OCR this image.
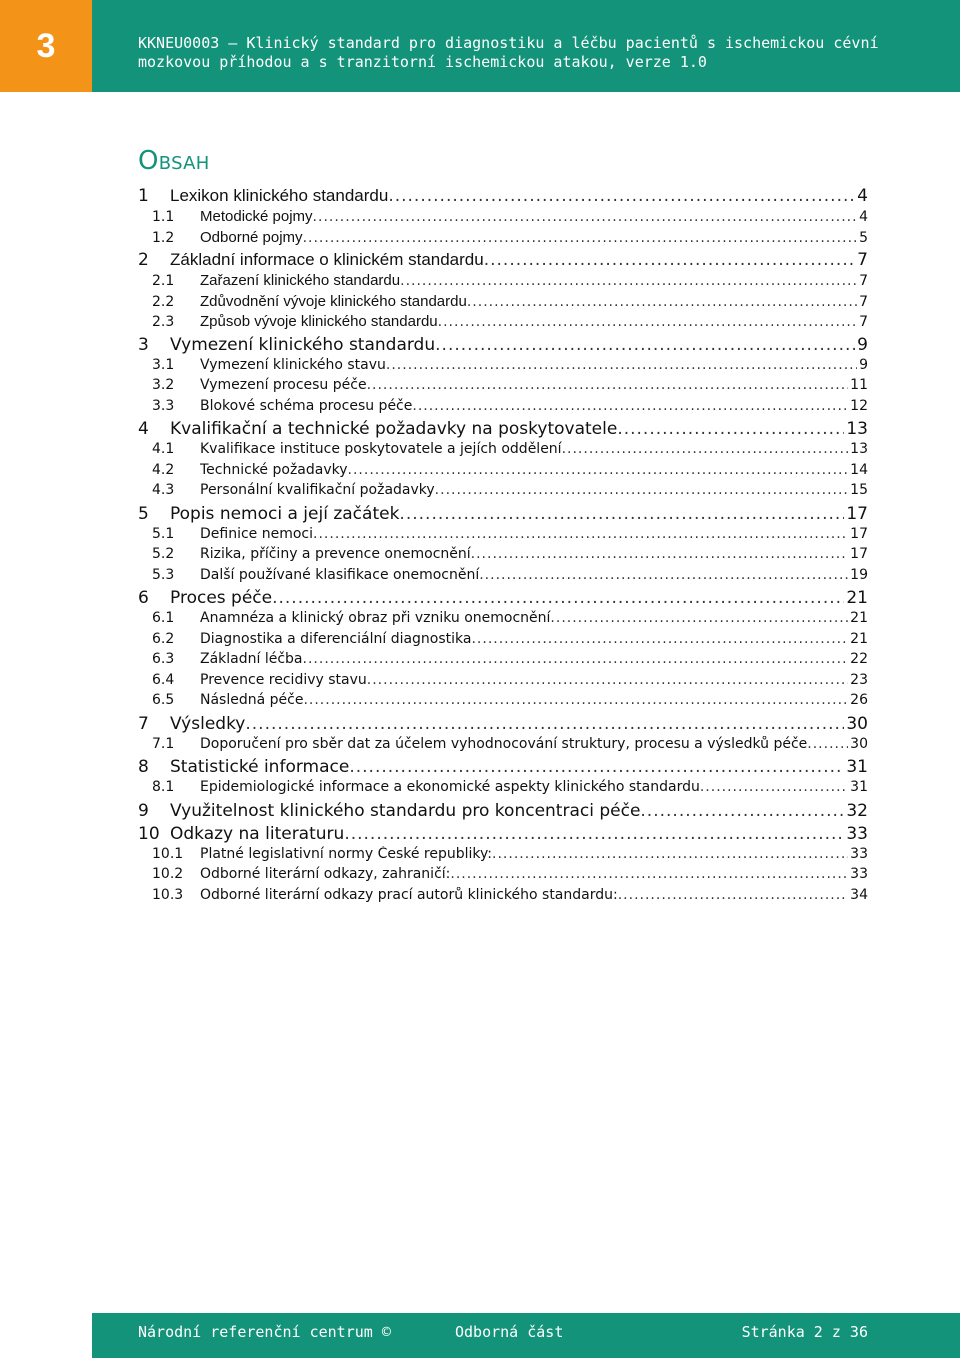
3	KKNEU0003 – Klinický standard pro diagnostiku a léčbu pacientů s ischemickou cévní
mozkovou příhodou a s tranzitorní ischemickou atakou, verze 1.0
Obsah
1	Lexikon klinického standardu .....	4
1.1	Metodické pojmy .....	4
1.2	Odborné pojmy .....	5
2	Základní informace o klinickém standardu .....	7
2.1	Zařazení klinického standardu .....	7
2.2	Zdůvodnění vývoje klinického standardu .....	7
2.3	Způsob vývoje klinického standardu .....	7
3	Vymezení klinického standardu .....	9
3.1	Vymezení klinického stavu .....	9
3.2	Vymezení procesu péče .....	11
3.3	Blokové schéma procesu péče .....	12
4	Kvalifikační a technické požadavky na poskytovatele .....	13
4.1	Kvalifikace instituce poskytovatele a jejích oddělení .....	13
4.2	Technické požadavky .....	14
4.3	Personální kvalifikační požadavky .....	15
5	Popis nemoci a její začátek .....	17
5.1	Definice nemoci .....	17
5.2	Rizika, příčiny a prevence onemocnění .....	17
5.3	Další používané klasifikace onemocnění .....	19
6	Proces péče .....	21
6.1	Anamnéza a klinický obraz při vzniku onemocnění .....	21
6.2	Diagnostika a diferenciální diagnostika .....	21
6.3	Základní léčba .....	22
6.4	Prevence recidivy stavu .....	23
6.5	Následná péče .....	26
7	Výsledky .....	30
7.1	Doporučení pro sběr dat za účelem vyhodnocování struktury, procesu a výsledků péče .....	30
8	Statistické informace .....	31
8.1	Epidemiologické informace a ekonomické aspekty klinického standardu .....	31
9	Využitelnost klinického standardu pro koncentraci péče .....	32
10 Odkazy na literaturu .....	33
10.1	Platné legislativní normy České republiky: .....	33
10.2	Odborné literární odkazy, zahraničí: .....	33
10.3	Odborné literární odkazy prací autorů klinického standardu: .....	34
Národní referenční centrum ©	Odborná část	Stránka 2 z 36
